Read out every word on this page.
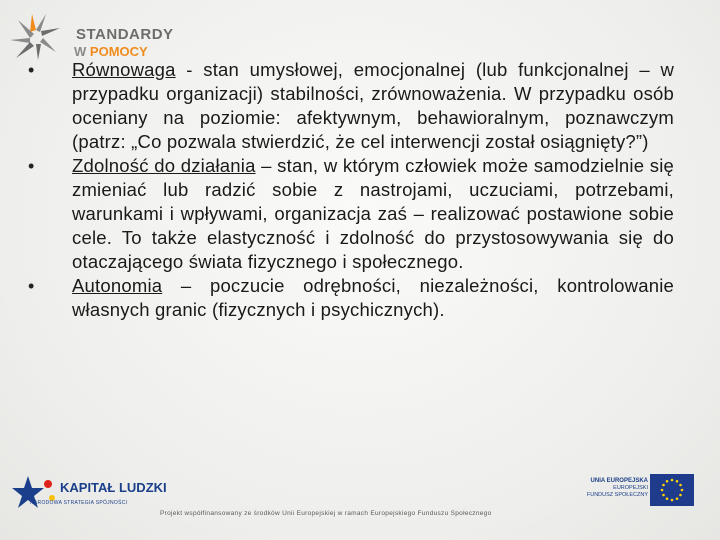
STANDARDY
W POMOCY
•	Równowaga - stan umysłowej, emocjonalnej (lub funkcjonalnej – w przypadku organizacji) stabilności, zrównoważenia. W przypadku osób oceniany na poziomie: afektywnym, behawioralnym, poznawczym (patrz: „Co pozwala stwierdzić, że cel interwencji został osiągnięty?”)

•	Zdolność do działania – stan, w którym człowiek może samodzielnie się zmieniać lub radzić sobie z nastrojami, uczuciami, potrzebami, warunkami i wpływami, organizacja zaś – realizować postawione sobie cele. To także elastyczność i zdolność do przystosowywania się do otaczającego świata fizycznego i społecznego.

•	Autonomia – poczucie odrębności, niezależności, kontrolowanie własnych granic (fizycznych i psychicznych).

KAPITAŁ LUDZKI
NARODOWA STRATEGIA SPÓJNOŚCI
UNIA EUROPEJSKA
EUROPEJSKI
FUNDUSZ SPOŁECZNY
Projekt współfinansowany ze środków Unii Europejskiej w ramach Europejskiego Funduszu Społecznego
